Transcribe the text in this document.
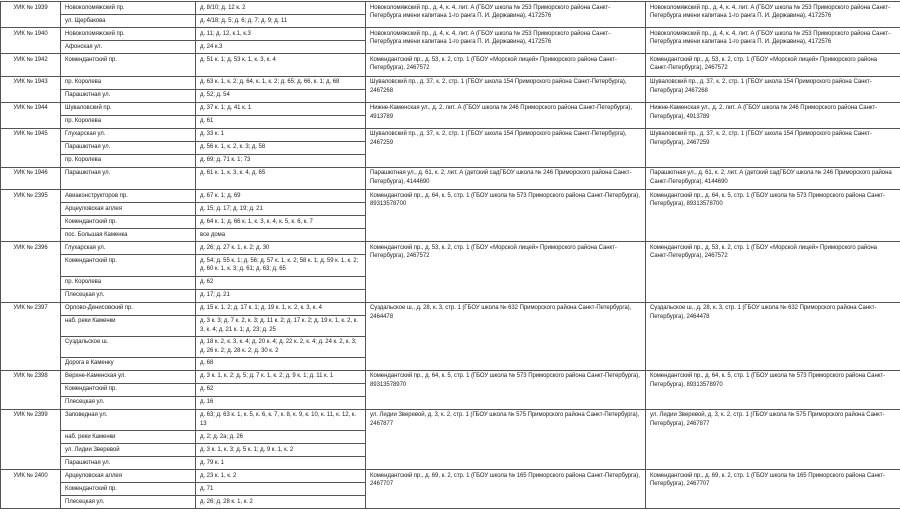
УИК № 1939	Новоколомяжский пр.	д. 8/10; д. 12 к. 2	Новоколомяжский пр., д. 4, к. 4, лит. А (ГБОУ школа № 253 Приморского района Санкт-Петербурга имени капитана 1-го ранга П. И. Державина), 4172576	Новоколомяжский пр., д. 4, к. 4, лит. А (ГБОУ школа № 253 Приморского района Санкт-Петербурга имени капитана 1-го ранга П. И. Державина), 4172576
	ул. Щербакова	д. 4/18; д. 5; д. 6; д. 7; д. 9; д. 11		
УИК № 1940	Новоколомяжский пр.	д. 11; д. 12, к.1, к.3	Новоколомяжский пр., д. 4, к. 4, лит. А (ГБОУ школа № 253 Приморского района Санкт-Петербурга имени капитана 1-го ранга П. И. Державина), 4172576	Новоколомяжский пр., д. 4, к. 4, лит. А (ГБОУ школа № 253 Приморского района Санкт-Петербурга имени капитана 1-го ранга П. И. Державина), 4172576
	Афонская ул.	д. 24 к.3		
УИК № 1942	Комендантский пр.	д. 51 к. 1; д. 53 к. 1, к. 3, к. 4	Комендантский пр., д. 53, к. 2, стр. 1 (ГБОУ «Морской лицей» Приморского района Санкт-Петербурга), 2467572	Комендантский пр., д. 53, к. 2, стр. 1 (ГБОУ «Морской лицей» Приморского района Санкт-Петербурга), 2467572
УИК № 1943	пр. Королева	д. 63 к. 1, к. 2; д. 64, к. 1, к. 2; д. 65; д. 66, к. 1; д. 68	Шуваловский пр., д. 37, к. 2, стр. 1 (ГБОУ школа 154 Приморского района Санкт-Петербурга), 2467268	Шуваловский пр., д. 37, к. 2, стр. 1 (ГБОУ школа 154 Приморского района Санкт-Петербурга) 2467268
	Парашютная ул.	д. 52; д. 54		
УИК № 1944	Шуваловский пр.	д. 37 к. 1; д. 41 к. 1	Нижне-Каменская ул., д. 2, лит. А (ГБОУ школа № 246 Приморского района Санкт-Петербурга), 4913789	Нижне-Каменская ул., д. 2, лит. А (ГБОУ школа № 246 Приморского района Санкт-Петербурга), 4913789
	пр. Королева	д. 61		
УИК № 1945	Глухарская ул.	д. 33 к. 1	Шуваловский пр., д. 37, к. 2, стр. 1 (ГБОУ школа 154 Приморского района Санкт-Петербурга), 2467259	Шуваловский пр., д. 37, к. 2, стр. 1 (ГБОУ школа 154 Приморского района Санкт-Петербурга), 2467259
	Парашютная ул.	д. 56 к. 1, к. 2, к. 3; д. 58		
	пр. Королева	д. 69; д. 71 к. 1; 73		
УИК № 1946	Парашютная ул.	д. 61 к. 1, к. 3, к. 4, д. 65	Парашютная ул., д. 61, к. 2, лит. А (детский садГБОУ школа № 246 Приморского района Санкт-Петербурга), 4144690	Парашютная ул., д. 61, к. 2, лит. А (детский садГБОУ школа № 246 Приморского района Санкт-Петербурга), 4144690
УИК № 2395	Авиаконструкторов пр.	д. 67 к. 1; д. 69	Комендантский пр., д. 64, к. 5, стр. 1 (ГБОУ школа № 573 Приморского района Санкт-Петербурга), 89313578700	Комендантский пр., д. 64, к. 5, стр. 1 (ГБОУ школа № 573 Приморского района Санкт-Петербурга), 89313578700
	Арцеуловская аллея	д. 15; д. 17; д. 19; д. 21		
	Комендантский пр.	д. 64 к. 1; д. 66 к. 1, к. 3, к. 4, к. 5, к. 6, к. 7		
	пос. Большая Каменка	все дома		
УИК № 2396	Глухарская ул.	д. 26; д. 27 к. 1, к. 2; д. 30	Комендантский пр., д. 53, к. 2, стр. 1 (ГБОУ «Морской лицей» Приморского района Санкт-Петербурга), 2467572	Комендантский пр., д. 53, к. 2, стр. 1 (ГБОУ «Морской лицей» Приморского района Санкт-Петербурга), 2467572
	Комендантский пр.	д. 54; д. 55 к. 1; д. 56; д. 57 к. 1, к. 2; 58 к. 1; д. 59 к. 1, к. 2; д. 60 к. 1, к. 3; д. 61; д. 63; д. 65		
	пр. Королева	д. 62		
	Плесецкая ул.	д. 17; д. 21		
УИК № 2397	Орлово-Денисовский пр.	д. 15 к. 1, 2; д. 17 к. 1; д. 19 к. 1, к. 2, к. 3, к. 4	Суздальское ш., д. 28, к. 3, стр. 1 (ГБОУ школа № 632 Приморского района Санкт-Петербурга), 2464478	Суздальское ш., д. 28, к. 3, стр. 1 (ГБОУ школа № 632 Приморского района Санкт-Петербурга), 2464478
	наб. реки Каменки	д. 3 к. 3; д. 7 к. 2, к. 3; д. 11 к. 2; д. 17 к. 2; д. 19 к. 1, к. 2, к. 3, к. 4; д. 21 к. 1; д. 23; д. 25		
	Суздальское ш.	д. 18 к. 2, к. 3, к. 4; д. 20 к. 4; д. 22 к. 2, к. 4; д. 24 к. 2, к. 3; д. 26 к. 2; д. 28 к. 2; д. 30 к. 2		
	Дорога в Каменку	д. 68		
УИК № 2398	Верхне-Каменская ул.	д. 3 к. 1, к. 2; д. 5; д. 7 к. 1, к. 2; д. 9 к. 1; д. 11 к. 1	Комендантский пр., д. 64, к. 5, стр. 1 (ГБОУ школа № 573 Приморского района Санкт-Петербурга), 89313578970	Комендантский пр., д. 64, к. 5, стр. 1 (ГБОУ школа № 573 Приморского района Санкт-Петербурга), 89313578970
	Комендантский пр.	д. 62		
	Плесецкая ул.	д. 16		
УИК № 2399	Заповедная ул.	д. 63; д. 63 к. 1, к. 5, к. 6, к. 7, к. 8, к. 9, к. 10, к. 11, к. 12, к. 13	ул. Лидии Зверевой, д. 3, к. 2, стр. 1 (ГБОУ школа № 575 Приморского района Санкт-Петербурга), 2467877	ул. Лидии Зверевой, д. 3, к. 2, стр. 1 (ГБОУ школа № 575 Приморского района Санкт-Петербурга), 2467877
	наб. реки Каменки	д. 2; д. 2а; д. 26		
	ул. Лидии Зверевой	д. 3 к. 1, к. 3; д. 5 к. 1; д. 9 к. 1, к. 2		
	Парашютная ул.	д. 79 к. 1		
УИК № 2400	Арцеуловская аллея	д. 23 к. 1, к. 2	Комендантский пр., д. 69, к. 2, стр. 1 (ГБОУ школа № 165 Приморского района Санкт-Петербурга), 2467707	Комендантский пр., д. 69, к. 2, стр. 1 (ГБОУ школа № 165 Приморского района Санкт-Петербурга), 2467707
	Комендантский пр.	д. 71		
	Плесецкая ул.	д. 26; д. 28 к. 1, к. 2		
